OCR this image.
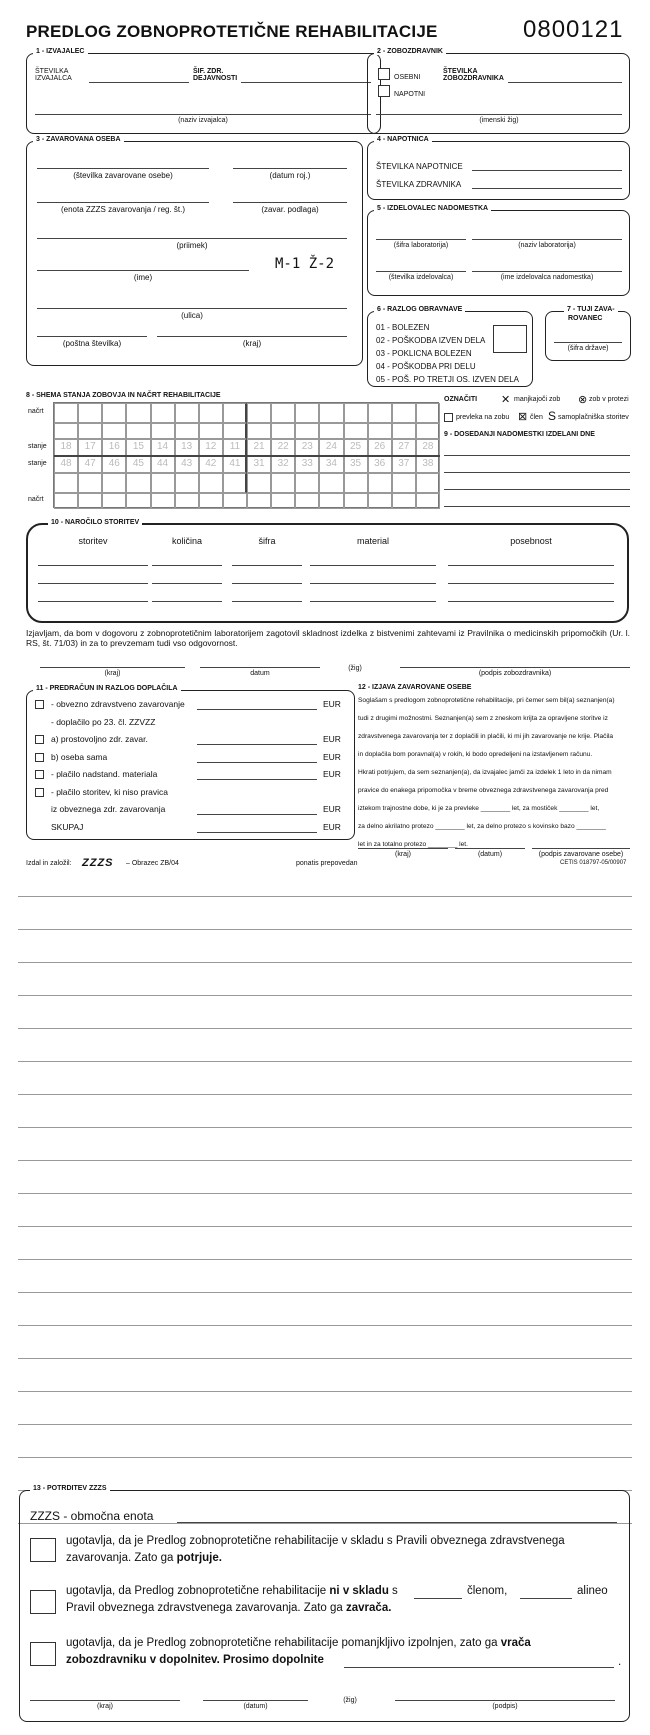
PREDLOG ZOBNOPROTETIČNE REHABILITACIJE	0800121
1 - IZVAJALEC
ŠTEVILKA
IZVAJALCA
ŠIF. ZDR.
DEJAVNOSTI
(naziv izvajalca)
2 - ZOBOZDRAVNIK
OSEBNI
NAPOTNI
ŠTEVILKA
ZOBOZDRAVNIKA
(imenski žig)
3 - ZAVAROVANA OSEBA
(številka zavarovane osebe)	(datum roj.)
(enota ZZZS zavarovanja / reg. št.)	(zavar. podlaga)
(priimek)
(ime)
M-1 Ž-2
(ulica)
(poštna številka)	(kraj)
4 - NAPOTNICA
ŠTEVILKA NAPOTNICE
ŠTEVILKA ZDRAVNIKA
5 - IZDELOVALEC NADOMESTKA
(šifra laboratorija)	(naziv laboratorija)
(številka izdelovalca)	(ime izdelovalca nadomestka)
6 - RAZLOG OBRAVNAVE
01 - BOLEZEN
02 - POŠKODBA IZVEN DELA
03 - POKLICNA BOLEZEN
04 - POŠKODBA PRI DELU
05 - POŠ. PO TRETJI OS. IZVEN DELA
7 - TUJI ZAVA-
ROVANEC
(šifra države)
8 - SHEMA STANJA ZOBOVJA IN NAČRT REHABILITACIJE
načrt
stanje
stanje
načrt
18	17	16	15	14	13	12	11	21	22	23	24	25	26	27	28
48	47	46	45	44	43	42	41	31	32	33	34	35	36	37	38
OZNAČITI ✕ manjkajoči zob ⊗ zob v protezi
prevleka na zobu ⊠ člen S samoplačniška storitev
9 - DOSEDANJI NADOMESTKI IZDELANI DNE
10 - NAROČILO STORITEV
storitev	količina	šifra	material	posebnost
Izjavljam, da bom v dogovoru z zobnoprotetičnim laboratorijem zagotovil skladnost izdelka z bistvenimi zahtevami iz Pravilnika o medicinskih pripomočkih (Ur. l. RS, št. 71/03) in za to prevzemam tudi vso odgovornost.
(kraj)	datum
(žig)
(podpis zobozdravnika)
11 - PREDRAČUN IN RAZLOG DOPLAČILA
- obvezno zdravstveno zavarovanje	EUR
- doplačilo po 23. čl. ZZVZZ
a) prostovoljno zdr. zavar.	EUR
b) oseba sama	EUR
- plačilo nadstand. materiala	EUR
- plačilo storitev, ki niso pravica
iz obveznega zdr. zavarovanja	EUR
SKUPAJ	EUR
12 - IZJAVA ZAVAROVANE OSEBE
Soglašam s predlogom zobnoprotetične rehabilitacije, pri čemer sem bil(a) seznanjen(a)
tudi z drugimi možnostmi. Seznanjen(a) sem z zneskom krijta za opravljene storitve iz
zdravstvenega zavarovanja ter z doplačili in plačili, ki mi jih zavarovanje ne krije. Plačila
in doplačila bom poravnal(a) v rokih, ki bodo opredeljeni na izstavljenem računu.
Hkrati potrjujem, da sem seznanjen(a), da izvajalec jamči za izdelek 1 leto in da nimam
pravice do enakega pripomočka v breme obveznega zdravstvenega zavarovanja pred
iztekom trajnostne dobe, ki je za prevleke ________ let, za mostiček ________ let,
za delno akrilatno protezo ________ let, za delno protezo s kovinsko bazo ________
let in za totalno protezo ________ let.
(kraj)	(datum)	(podpis zavarovane osebe)
Izdal in založil: ZZZS – Obrazec ZB/04	ponatis prepovedan	CETIS 018797-05/00907
13 - POTRDITEV ZZZS
ZZZS - območna enota
ugotavlja, da je Predlog zobnoprotetične rehabilitacije v skladu s Pravili obveznega zdravstvenega
zavarovanja. Zato ga potrjuje.
ugotavlja, da Predlog zobnoprotetične rehabilitacije ni v skladu s	členom,	alineo
Pravil obveznega zdravstvenega zavarovanja. Zato ga zavrača.
ugotavlja, da je Predlog zobnoprotetične rehabilitacije pomanjkljivo izpolnjen, zato ga vrača
zobozdravniku v dopolnitev. Prosimo dopolnite	.
(kraj)	(datum)
(žig)
(podpis)
